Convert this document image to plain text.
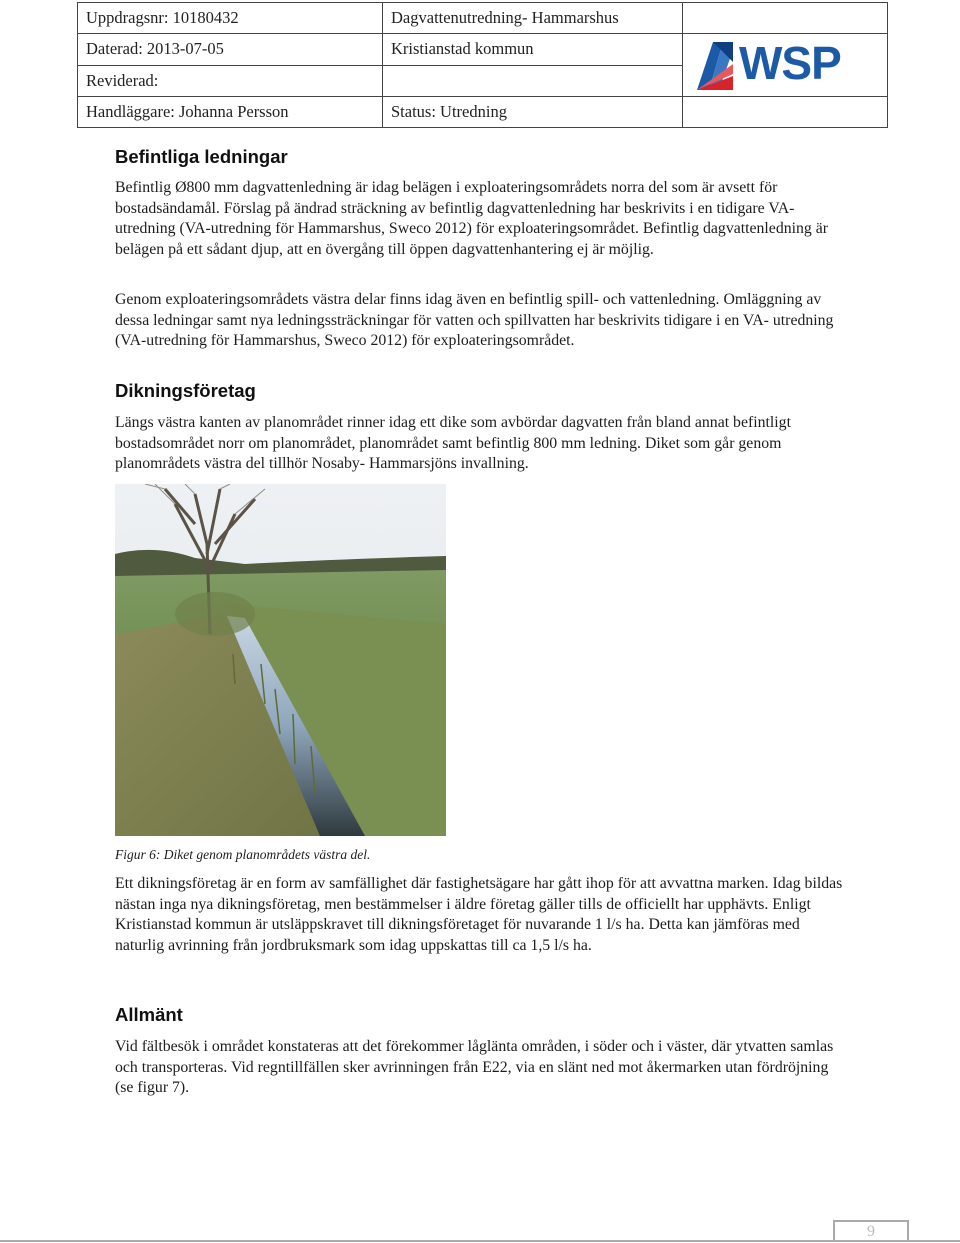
Uppdragsnr: 10180432	Dagvattenutredning- Hammarshus	
Daterad: 2013-07-05	Kristianstad kommun	WSP

Reviderad:		
Handläggare: Johanna Persson	Status: Utredning	
Befintliga ledningar

Befintlig Ø800 mm dagvattenledning är idag belägen i exploateringsområdets norra del som är avsett för bostadsändamål. Förslag på ändrad sträckning av befintlig dagvattenledning har beskrivits i en tidigare VA- utredning (VA-utredning för Hammarshus, Sweco 2012) för exploateringsområdet. Befintlig dagvattenledning är belägen på ett sådant djup, att en övergång till öppen dagvattenhantering ej är möjlig.

Genom exploateringsområdets västra delar finns idag även en befintlig spill- och vattenledning. Omläggning av dessa ledningar samt nya ledningssträckningar för vatten och spillvatten har beskrivits tidigare i en VA- utredning (VA-utredning för Hammarshus, Sweco 2012) för exploateringsområdet.

Dikningsföretag

Längs västra kanten av planområdet rinner idag ett dike som avbördar dagvatten från bland annat befintligt bostadsområdet norr om planområdet, planområdet samt befintlig 800 mm ledning. Diket som går genom planområdets västra del tillhör Nosaby- Hammarsjöns invallning.

Figur 6: Diket genom planområdets västra del.

Ett dikningsföretag är en form av samfällighet där fastighetsägare har gått ihop för att avvattna marken. Idag bildas nästan inga nya dikningsföretag, men bestämmelser i äldre företag gäller tills de officiellt har upphävts. Enligt Kristianstad kommun är utsläppskravet till dikningsföretaget för nuvarande 1 l/s ha. Detta kan jämföras med naturlig avrinning från jordbruksmark som idag uppskattas till ca 1,5 l/s ha.

Allmänt

Vid fältbesök i området konstateras att det förekommer låglänta områden, i söder och i väster, där ytvatten samlas och transporteras. Vid regntillfällen sker avrinningen från E22, via en slänt ned mot åkermarken utan fördröjning (se figur 7).

9
